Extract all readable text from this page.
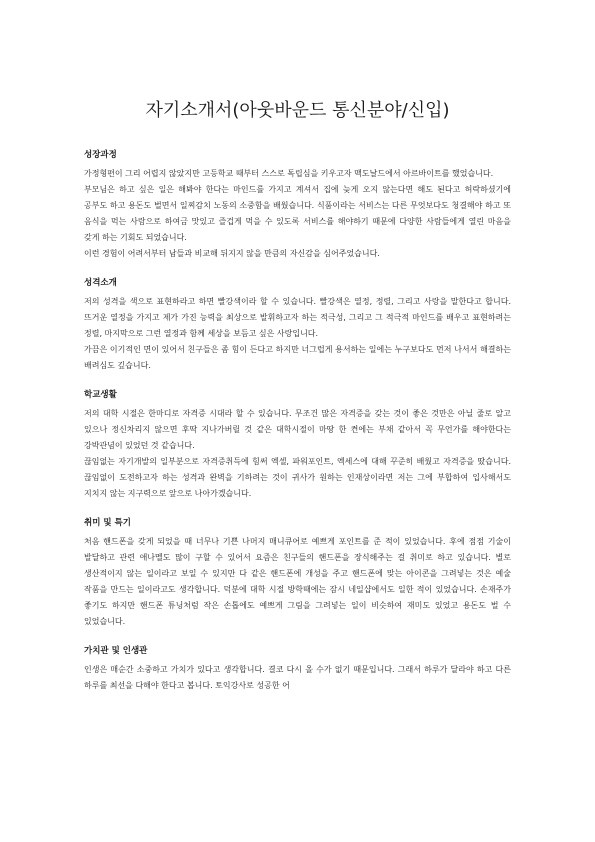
자기소개서(아웃바운드 통신분야/신입)
성장과정

가정형편이 그리 어렵지 않았지만 고등학교 때부터 스스로 독립심을 키우고자 맥도날드에서 아르바이트를 했었습니다.

부모님은 하고 싶은 일은 해봐야 한다는 마인드를 가지고 계셔서 집에 늦게 오지 않는다면 해도 된다고 허락하셨기에 공부도 하고 용돈도 벌면서 일찌감치 노동의 소중함을 배웠습니다. 식품이라는 서비스는 다른 무엇보다도 청결해야 하고 또 음식을 먹는 사람으로 하여금 맛있고 즐겁게 먹을 수 있도록 서비스를 해야하기 때문에 다양한 사람들에게 열린 마음을 갖게 하는 기회도 되었습니다.

이런 경험이 어려서부터 남들과 비교해 뒤지지 않을 만큼의 자신감을 심어주었습니다.

성격소개

저의 성격을 색으로 표현하라고 하면 빨강색이라 할 수 있습니다. 빨강색은 열정, 정렬, 그리고 사랑을 말한다고 합니다. 뜨거운 열정을 가지고 제가 가진 능력을 최상으로 발휘하고자 하는 적극성, 그리고 그 적극적 마인드를 배우고 표현하려는 정렬, 마지막으로 그런 열정과 함께 세상을 보듬고 싶은 사랑입니다.

가끔은 이기적인 면이 있어서 친구들은 좀 힘이 든다고 하지만 너그럽게 용서하는 일에는 누구보다도 먼저 나서서 해결하는 배려심도 깊습니다.

학교생활

저의 대학 시절은 한마디로 자격증 시대라 할 수 있습니다. 무조건 많은 자격증을 갖는 것이 좋은 것만은 아닐 줄로 알고 있으나 정신차리지 않으면 후딱 지나가버릴 것 같은 대학시절이 마땅 한 켠에는 부채 같아서 꼭 무언가를 해야한다는 강박관념이 있었던 것 같습니다.

끊임없는 자기개발의 일부분으로 자격증취득에 힘써 엑셀, 파워포인트, 엑세스에 대해 꾸준히 배웠고 자격증을 땄습니다. 끊임없이 도전하고자 하는 성격과 완벽을 기하려는 것이 귀사가 원하는 인재상이라면 저는 그에 부합하여 입사해서도 지치지 않는 지구력으로 앞으로 나아가겠습니다.

취미 및 특기

처음 핸드폰을 갖게 되었을 때 너무나 기쁜 나머지 매니큐어로 예쁘게 포인트를 준 적이 있었습니다. 후에 점점 기술이 발달하고 관련 애나멜도 많이 구할 수 있어서 요즘은 친구들의 핸드폰을 장식해주는 걸 취미로 하고 있습니다. 별로 생산적이지 않는 일이라고 보일 수 있지만 다 같은 핸드폰에 개성을 주고 핸드폰에 맞는 아이콘을 그려넣는 것은 예술 작품을 만드는 일이라고도 생각합니다. 덕분에 대학 시절 방학때에는 잠시 네일샵에서도 일한 적이 있었습니다. 손재주가 좋기도 하지만 핸드폰 튜닝처럼 작은 손톱에도 예쁘게 그림을 그려넣는 일이 비슷하여 재미도 있었고 용돈도 벌 수 있었습니다.

가치관 및 인생관

인생은 매순간 소중하고 가치가 있다고 생각합니다. 결코 다시 올 수가 없기 때문입니다. 그래서 하루가 달라야 하고 다른 하루를 최선을 다해야 한다고 봅니다. 토익강사로 성공한 어
